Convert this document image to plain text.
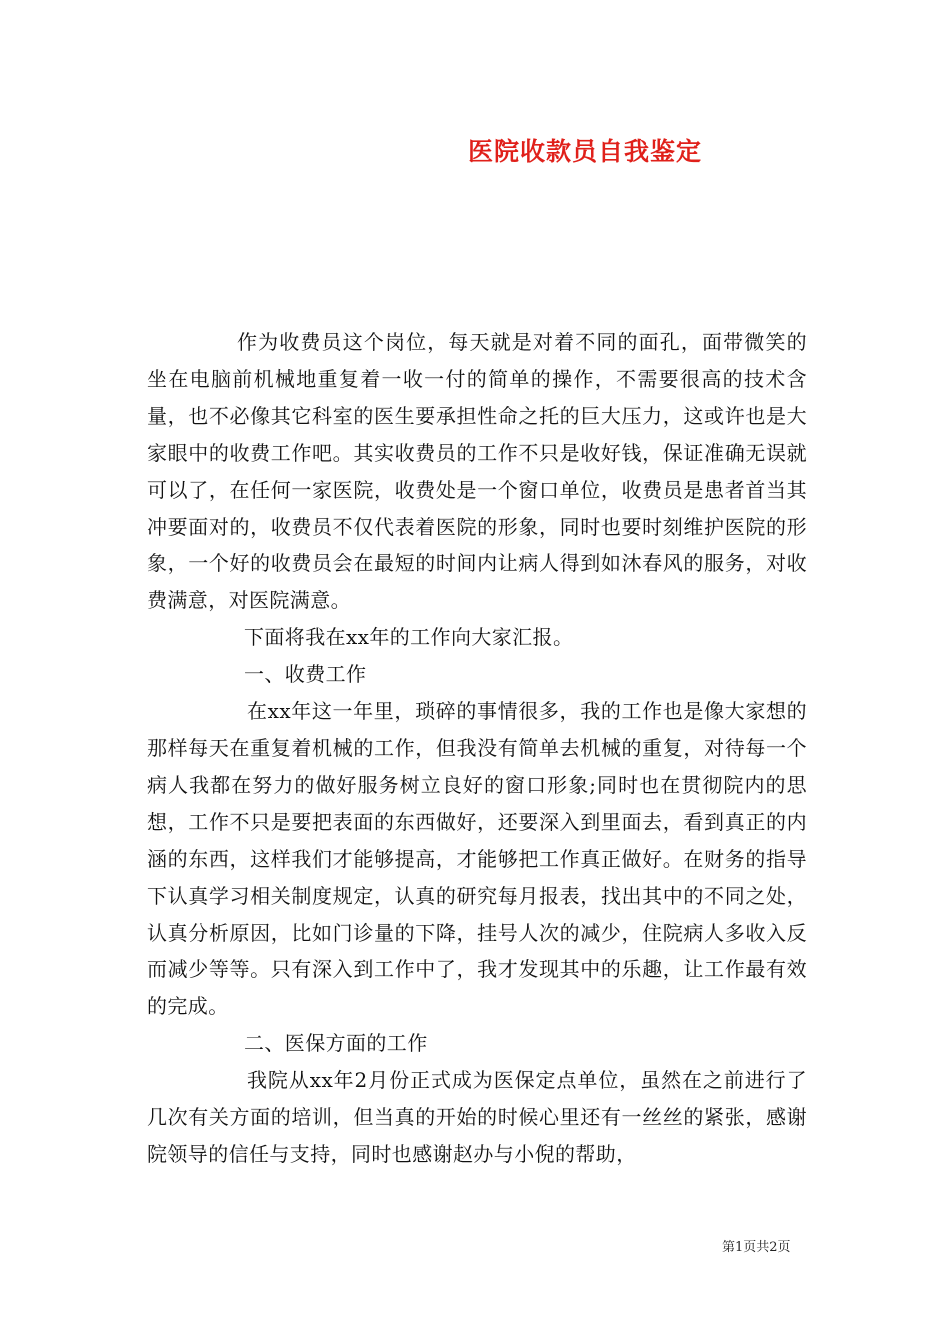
医院收款员自我鉴定

作为收费员这个岗位，每天就是对着不同的面孔，面带微笑的坐在电脑前机械地重复着一收一付的简单的操作，不需要很高的技术含量，也不必像其它科室的医生要承担性命之托的巨大压力，这或许也是大家眼中的收费工作吧。其实收费员的工作不只是收好钱，保证准确无误就可以了，在任何一家医院，收费处是一个窗口单位，收费员是患者首当其冲要面对的，收费员不仅代表着医院的形象，同时也要时刻维护医院的形象，一个好的收费员会在最短的时间内让病人得到如沐春风的服务，对收费满意，对医院满意。

下面将我在xx年的工作向大家汇报。

一、收费工作

在xx年这一年里，琐碎的事情很多，我的工作也是像大家想的那样每天在重复着机械的工作，但我没有简单去机械的重复，对待每一个病人我都在努力的做好服务树立良好的窗口形象;同时也在贯彻院内的思想，工作不只是要把表面的东西做好，还要深入到里面去，看到真正的内涵的东西，这样我们才能够提高，才能够把工作真正做好。在财务的指导下认真学习相关制度规定，认真的研究每月报表，找出其中的不同之处，认真分析原因，比如门诊量的下降，挂号人次的减少，住院病人多收入反而减少等等。只有深入到工作中了，我才发现其中的乐趣，让工作最有效的完成。

二、医保方面的工作

我院从xx年2月份正式成为医保定点单位，虽然在之前进行了几次有关方面的培训，但当真的开始的时候心里还有一丝丝的紧张，感谢院领导的信任与支持，同时也感谢赵办与小倪的帮助，

第1页共2页
